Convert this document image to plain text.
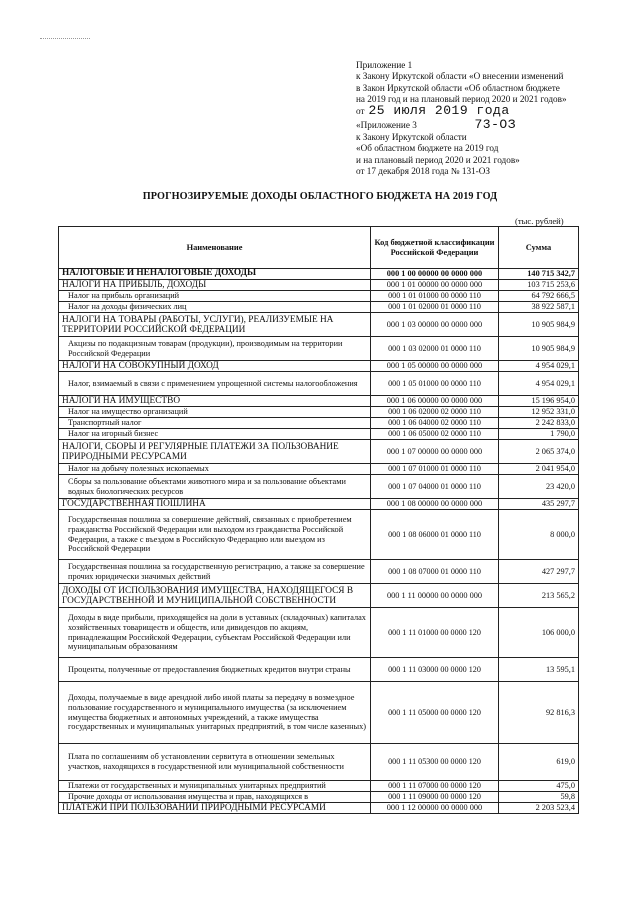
Приложение 1
к Закону Иркутской области «О внесении изменений
в Закон Иркутской области «Об областном бюджете
на 2019 год и на плановый период 2020 и 2021 годов»
от 25 июля 2019 года
«Приложение 3	73-ОЗ
к Закону Иркутской области
«Об областном бюджете на 2019 год
и на плановый период 2020 и 2021 годов»
от 17 декабря 2018 года № 131-ОЗ
ПРОГНОЗИРУЕМЫЕ ДОХОДЫ ОБЛАСТНОГО БЮДЖЕТА НА 2019 ГОД
(тыс. рублей)
Наименование	Код бюджетной классификации Российской Федерации	Сумма
НАЛОГОВЫЕ И НЕНАЛОГОВЫЕ ДОХОДЫ	000 1 00 00000 00 0000 000	140 715 342,7
НАЛОГИ НА ПРИБЫЛЬ, ДОХОДЫ	000 1 01 00000 00 0000 000	103 715 253,6
Налог на прибыль организаций	000 1 01 01000 00 0000 110	64 792 666,5
Налог на доходы физических лиц	000 1 01 02000 01 0000 110	38 922 587,1
НАЛОГИ НА ТОВАРЫ (РАБОТЫ, УСЛУГИ), РЕАЛИЗУЕМЫЕ НА ТЕРРИТОРИИ РОССИЙСКОЙ ФЕДЕРАЦИИ	000 1 03 00000 00 0000 000	10 905 984,9
Акцизы по подакцизным товарам (продукции), производимым на территории Российской Федерации	000 1 03 02000 01 0000 110	10 905 984,9
НАЛОГИ НА СОВОКУПНЫЙ ДОХОД	000 1 05 00000 00 0000 000	4 954 029,1
Налог, взимаемый в связи с применением упрощенной системы налогообложения	000 1 05 01000 00 0000 110	4 954 029,1
НАЛОГИ НА ИМУЩЕСТВО	000 1 06 00000 00 0000 000	15 196 954,0
Налог на имущество организаций	000 1 06 02000 02 0000 110	12 952 331,0
Транспортный налог	000 1 06 04000 02 0000 110	2 242 833,0
Налог на игорный бизнес	000 1 06 05000 02 0000 110	1 790,0
НАЛОГИ, СБОРЫ И РЕГУЛЯРНЫЕ ПЛАТЕЖИ ЗА ПОЛЬЗОВАНИЕ ПРИРОДНЫМИ РЕСУРСАМИ	000 1 07 00000 00 0000 000	2 065 374,0
Налог на добычу полезных ископаемых	000 1 07 01000 01 0000 110	2 041 954,0
Сборы за пользование объектами животного мира и за пользование объектами водных биологических ресурсов	000 1 07 04000 01 0000 110	23 420,0
ГОСУДАРСТВЕННАЯ ПОШЛИНА	000 1 08 00000 00 0000 000	435 297,7
Государственная пошлина за совершение действий, связанных с приобретением гражданства Российской Федерации или выходом из гражданства Российской Федерации, а также с въездом в Российскую Федерацию или выездом из Российской Федерации	000 1 08 06000 01 0000 110	8 000,0
Государственная пошлина за государственную регистрацию, а также за совершение прочих юридически значимых действий	000 1 08 07000 01 0000 110	427 297,7
ДОХОДЫ ОТ ИСПОЛЬЗОВАНИЯ ИМУЩЕСТВА, НАХОДЯЩЕГОСЯ В ГОСУДАРСТВЕННОЙ И МУНИЦИПАЛЬНОЙ СОБСТВЕННОСТИ	000 1 11 00000 00 0000 000	213 565,2
Доходы в виде прибыли, приходящейся на доли в уставных (складочных) капиталах хозяйственных товариществ и обществ, или дивидендов по акциям, принадлежащим Российской Федерации, субъектам Российской Федерации или муниципальным образованиям	000 1 11 01000 00 0000 120	106 000,0
Проценты, полученные от предоставления бюджетных кредитов внутри страны	000 1 11 03000 00 0000 120	13 595,1
Доходы, получаемые в виде арендной либо иной платы за передачу в возмездное пользование государственного и муниципального имущества (за исключением имущества бюджетных и автономных учреждений, а также имущества государственных и муниципальных унитарных предприятий, в том числе казенных)	000 1 11 05000 00 0000 120	92 816,3
Плата по соглашениям об установлении сервитута в отношении земельных участков, находящихся в государственной или муниципальной собственности	000 1 11 05300 00 0000 120	619,0
Платежи от государственных и муниципальных унитарных предприятий	000 1 11 07000 00 0000 120	475,0
Прочие доходы от использования имущества и прав, находящихся в	000 1 11 09000 00 0000 120	59,8
ПЛАТЕЖИ ПРИ ПОЛЬЗОВАНИИ ПРИРОДНЫМИ РЕСУРСАМИ	000 1 12 00000 00 0000 000	2 203 523,4
